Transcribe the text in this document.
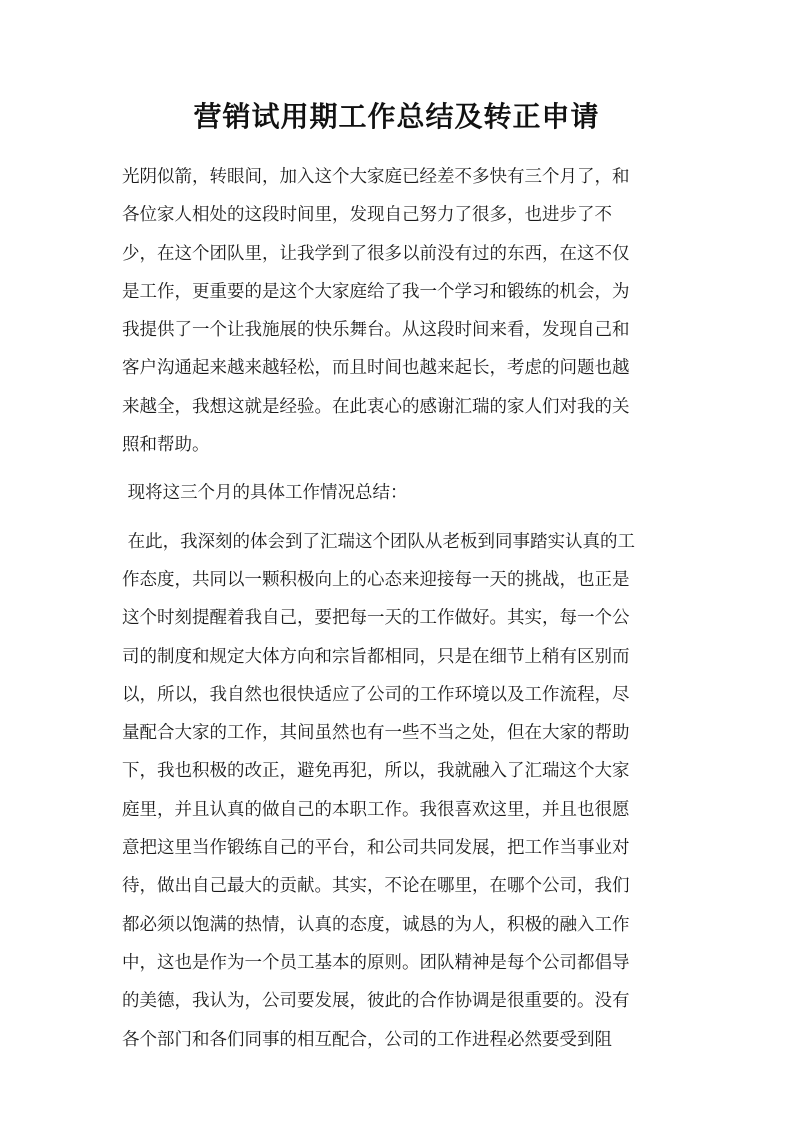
营销试用期工作总结及转正申请

光阴似箭，转眼间，加入这个大家庭已经差不多快有三个月了，和
各位家人相处的这段时间里，发现自己努力了很多，也进步了不
少，在这个团队里，让我学到了很多以前没有过的东西，在这不仅
是工作，更重要的是这个大家庭给了我一个学习和锻练的机会，为
我提供了一个让我施展的快乐舞台。从这段时间来看，发现自己和
客户沟通起来越来越轻松，而且时间也越来起长，考虑的问题也越
来越全，我想这就是经验。在此衷心的感谢汇瑞的家人们对我的关
照和帮助。

现将这三个月的具体工作情况总结：

在此，我深刻的体会到了汇瑞这个团队从老板到同事踏实认真的工
作态度，共同以一颗积极向上的心态来迎接每一天的挑战，也正是
这个时刻提醒着我自己，要把每一天的工作做好。其实，每一个公
司的制度和规定大体方向和宗旨都相同，只是在细节上稍有区别而
以，所以，我自然也很快适应了公司的工作环境以及工作流程，尽
量配合大家的工作，其间虽然也有一些不当之处，但在大家的帮助
下，我也积极的改正，避免再犯，所以，我就融入了汇瑞这个大家
庭里，并且认真的做自己的本职工作。我很喜欢这里，并且也很愿
意把这里当作锻练自己的平台，和公司共同发展，把工作当事业对
待，做出自己最大的贡献。其实，不论在哪里，在哪个公司，我们
都必须以饱满的热情，认真的态度，诚恳的为人，积极的融入工作
中，这也是作为一个员工基本的原则。团队精神是每个公司都倡导
的美德，我认为，公司要发展，彼此的合作协调是很重要的。没有
各个部门和各们同事的相互配合，公司的工作进程必然要受到阻
